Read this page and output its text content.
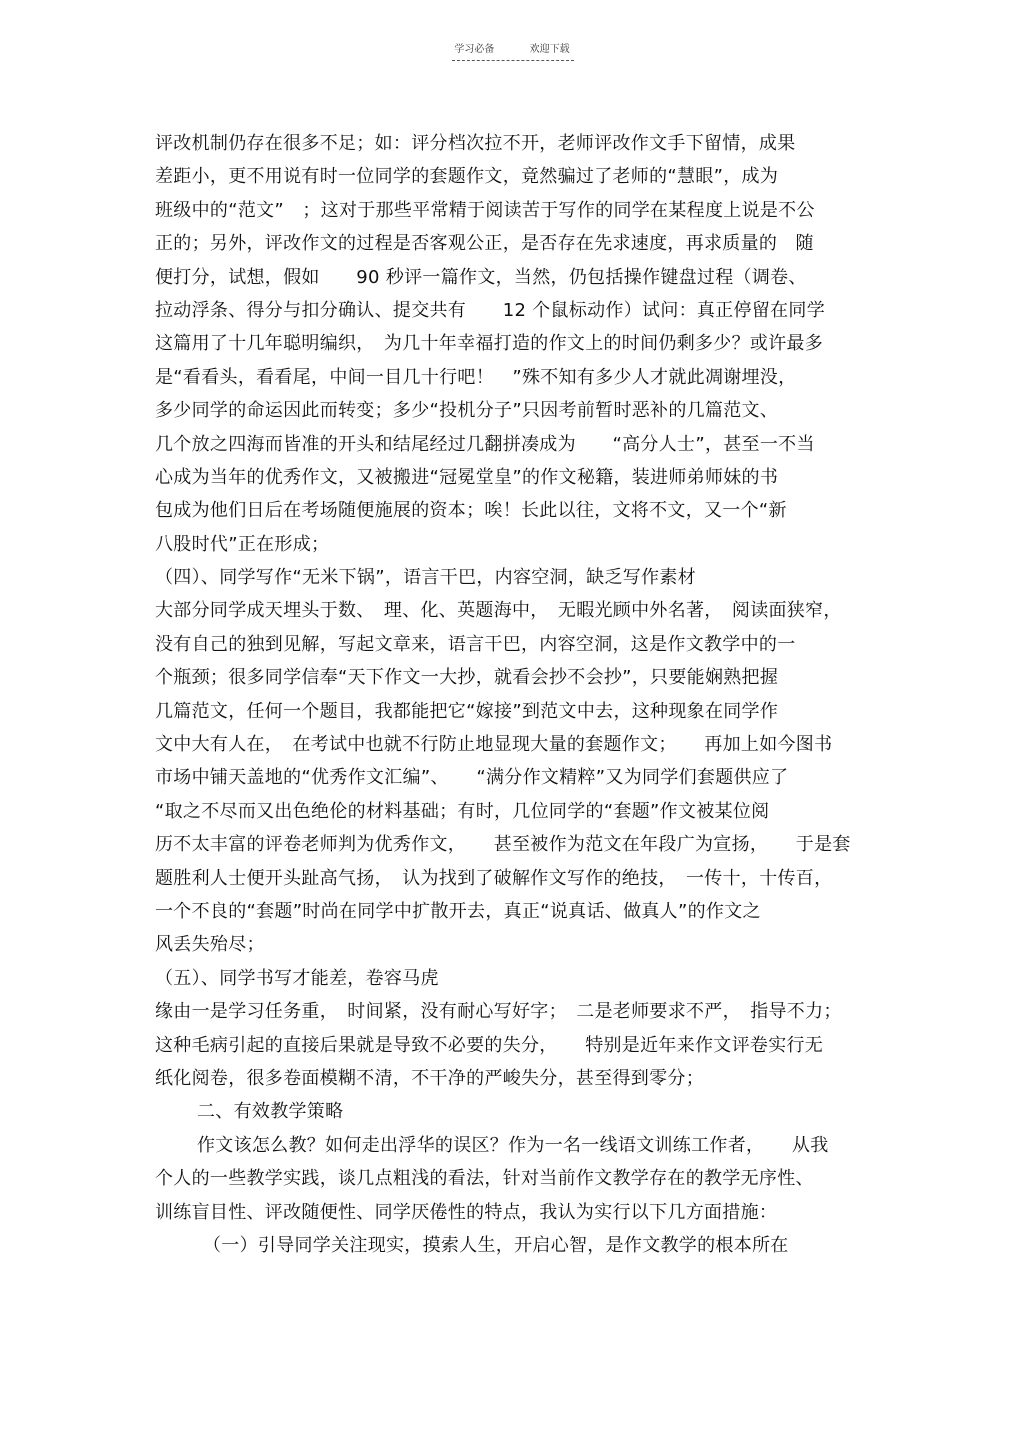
学习必备	欢迎下载
评改机制仍存在很多不足；如：评分档次拉不开，老师评改作文手下留情，成果
差距小，更不用说有时一位同学的套题作文，竟然骗过了老师的“慧眼”，成为
班级中的“范文”　；这对于那些平常精于阅读苦于写作的同学在某程度上说是不公
正的；另外，评改作文的过程是否客观公正，是否存在先求速度，再求质量的　随
便打分，试想，假如　　90 秒评一篇作文，当然，仍包括操作键盘过程（调卷、
拉动浮条、得分与扣分确认、提交共有　　12 个鼠标动作）试问：真正停留在同学
这篇用了十几年聪明编织，　为几十年幸福打造的作文上的时间仍剩多少？或许最多
是“看看头，看看尾，中间一目几十行吧！　”殊不知有多少人才就此凋谢埋没，
多少同学的命运因此而转变；多少“投机分子”只因考前暂时恶补的几篇范文、
几个放之四海而皆准的开头和结尾经过几翻拼凑成为　　“高分人士”，甚至一不当
心成为当年的优秀作文，又被搬进“冠冕堂皇”的作文秘籍，装进师弟师妹的书
包成为他们日后在考场随便施展的资本；唉！长此以往，文将不文，又一个“新
八股时代”正在形成；
（四）、同学写作“无米下锅”，语言干巴，内容空洞，缺乏写作素材
大部分同学成天埋头于数、　理、化、英题海中，　无暇光顾中外名著，　阅读面狭窄，
没有自己的独到见解，写起文章来，语言干巴，内容空洞，这是作文教学中的一
个瓶颈；很多同学信奉“天下作文一大抄，就看会抄不会抄”，只要能娴熟把握
几篇范文，任何一个题目，我都能把它“嫁接”到范文中去，这种现象在同学作
文中大有人在，　在考试中也就不行防止地显现大量的套题作文；　　再加上如今图书
市场中铺天盖地的“优秀作文汇编”、　　“满分作文精粹”又为同学们套题供应了
“取之不尽而又出色绝伦的材料基础；有时，几位同学的“套题”作文被某位阅
历不太丰富的评卷老师判为优秀作文，　　甚至被作为范文在年段广为宣扬，　　于是套
题胜利人士便开头趾高气扬，　认为找到了破解作文写作的绝技，　一传十，十传百，
一个不良的“套题”时尚在同学中扩散开去，真正“说真话、做真人”的作文之
风丢失殆尽；
（五）、同学书写才能差，卷容马虎
缘由一是学习任务重，　时间紧，没有耐心写好字；　二是老师要求不严，　指导不力；
这种毛病引起的直接后果就是导致不必要的失分，　　特别是近年来作文评卷实行无
纸化阅卷，很多卷面模糊不清，不干净的严峻失分，甚至得到零分；
二、有效教学策略
作文该怎么教？如何走出浮华的误区？作为一名一线语文训练工作者，　　从我
个人的一些教学实践，谈几点粗浅的看法，针对当前作文教学存在的教学无序性、
训练盲目性、评改随便性、同学厌倦性的特点，我认为实行以下几方面措施：
（一）引导同学关注现实，摸索人生，开启心智，是作文教学的根本所在
